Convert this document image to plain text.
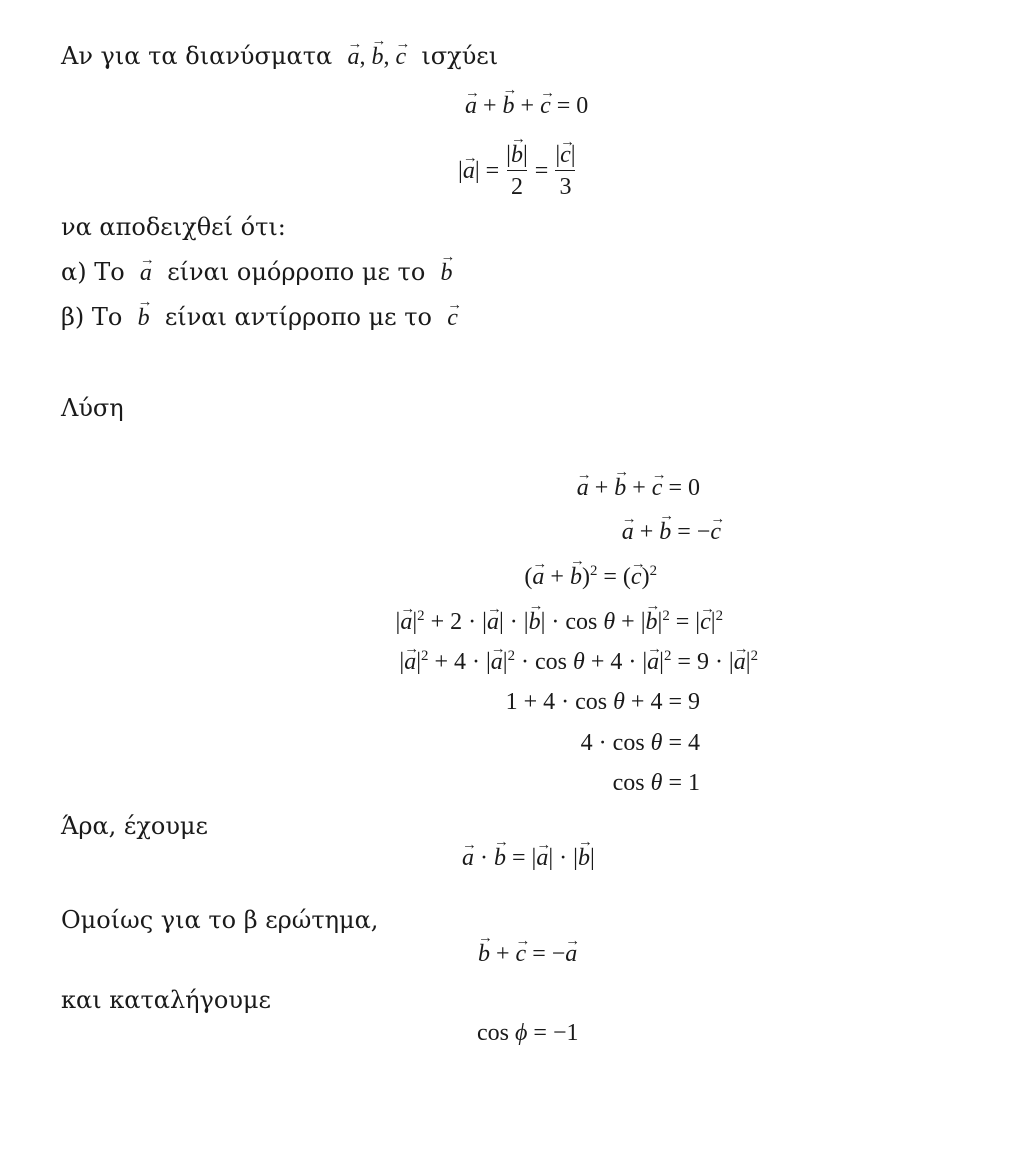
Αν για τα διανύσματα → a, → b, → c ισχύει
→ a + → b + → c = 0
| → a | = $\frac{|\to b|}{2} = \frac{|\to c|}{3}$
να αποδειχθεί ότι:
α) Το → a είναι ομόρροπο με το → b
β) Το → b είναι αντίρροπο με το → c
Λύση
→ a + → b + → c = 0
→ a + → b = −→ c
(→ a + → b)$^2$ = (→ c)$^2$
|→ $a|^2 + 2$ · |→ a| · |→ b| · cos θ + |→ $b|^2$ = |→ $c|^2$
|→ $a|^2 + 4$ · |→ $a|^2 \cdot \cos \theta + 4$ · |→ $a|^2 = 9$ · |→ $a|^2$
1 + 4 · cos θ + 4 = 9
4 · cos θ = 4
cos θ = 1
Άρα, έχουμε
→ a · → b = |→ a| · |→ b|
Ομοίως για το β ερώτημα,
→ b + → c = −→ a
και καταλήγουμε
cos ϕ = −1
